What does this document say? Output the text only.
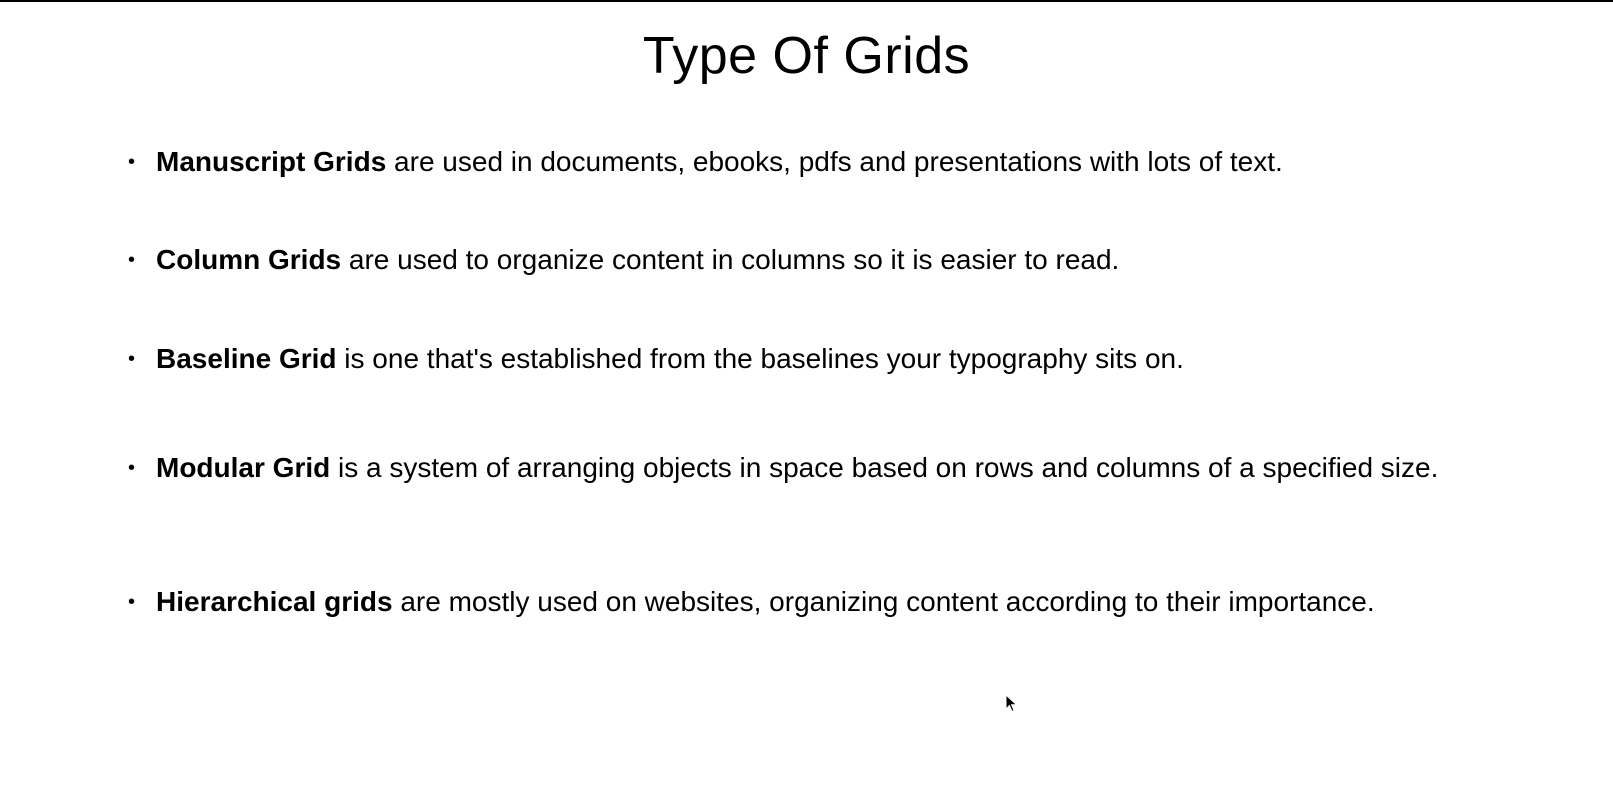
Type Of Grids
• Manuscript Grids are used in documents, ebooks, pdfs and presentations with lots of text.
• Column Grids are used to organize content in columns so it is easier to read.
• Baseline Grid is one that's established from the baselines your typography sits on.
• Modular Grid is a system of arranging objects in space based on rows and columns of a specified size.
• Hierarchical grids are mostly used on websites, organizing content according to their importance.
